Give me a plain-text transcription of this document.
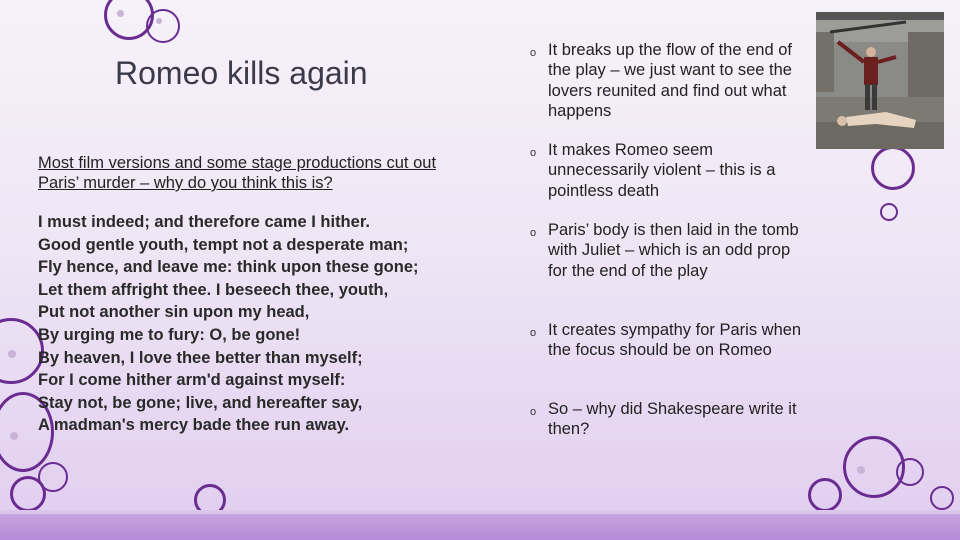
Romeo kills again
Most film versions and some stage productions cut out Paris’ murder – why do you think this is?
I must indeed; and therefore came I hither.
Good gentle youth, tempt not a desperate man;
Fly hence, and leave me: think upon these gone;
Let them affright thee. I beseech thee, youth,
Put not another sin upon my head,
By urging me to fury: O, be gone!
By heaven, I love thee better than myself;
For I come hither arm'd against myself:
Stay not, be gone; live, and hereafter say,
A madman's mercy bade thee run away.
o It breaks up the flow of the end of the play – we just want to see the lovers reunited and find out what happens
o It makes Romeo seem unnecessarily violent – this is a pointless death
o Paris’ body is then laid in the tomb with Juliet – which is an odd prop for the end of the play
o It creates sympathy for Paris when the focus should be on Romeo
o So – why did Shakespeare write it then?
